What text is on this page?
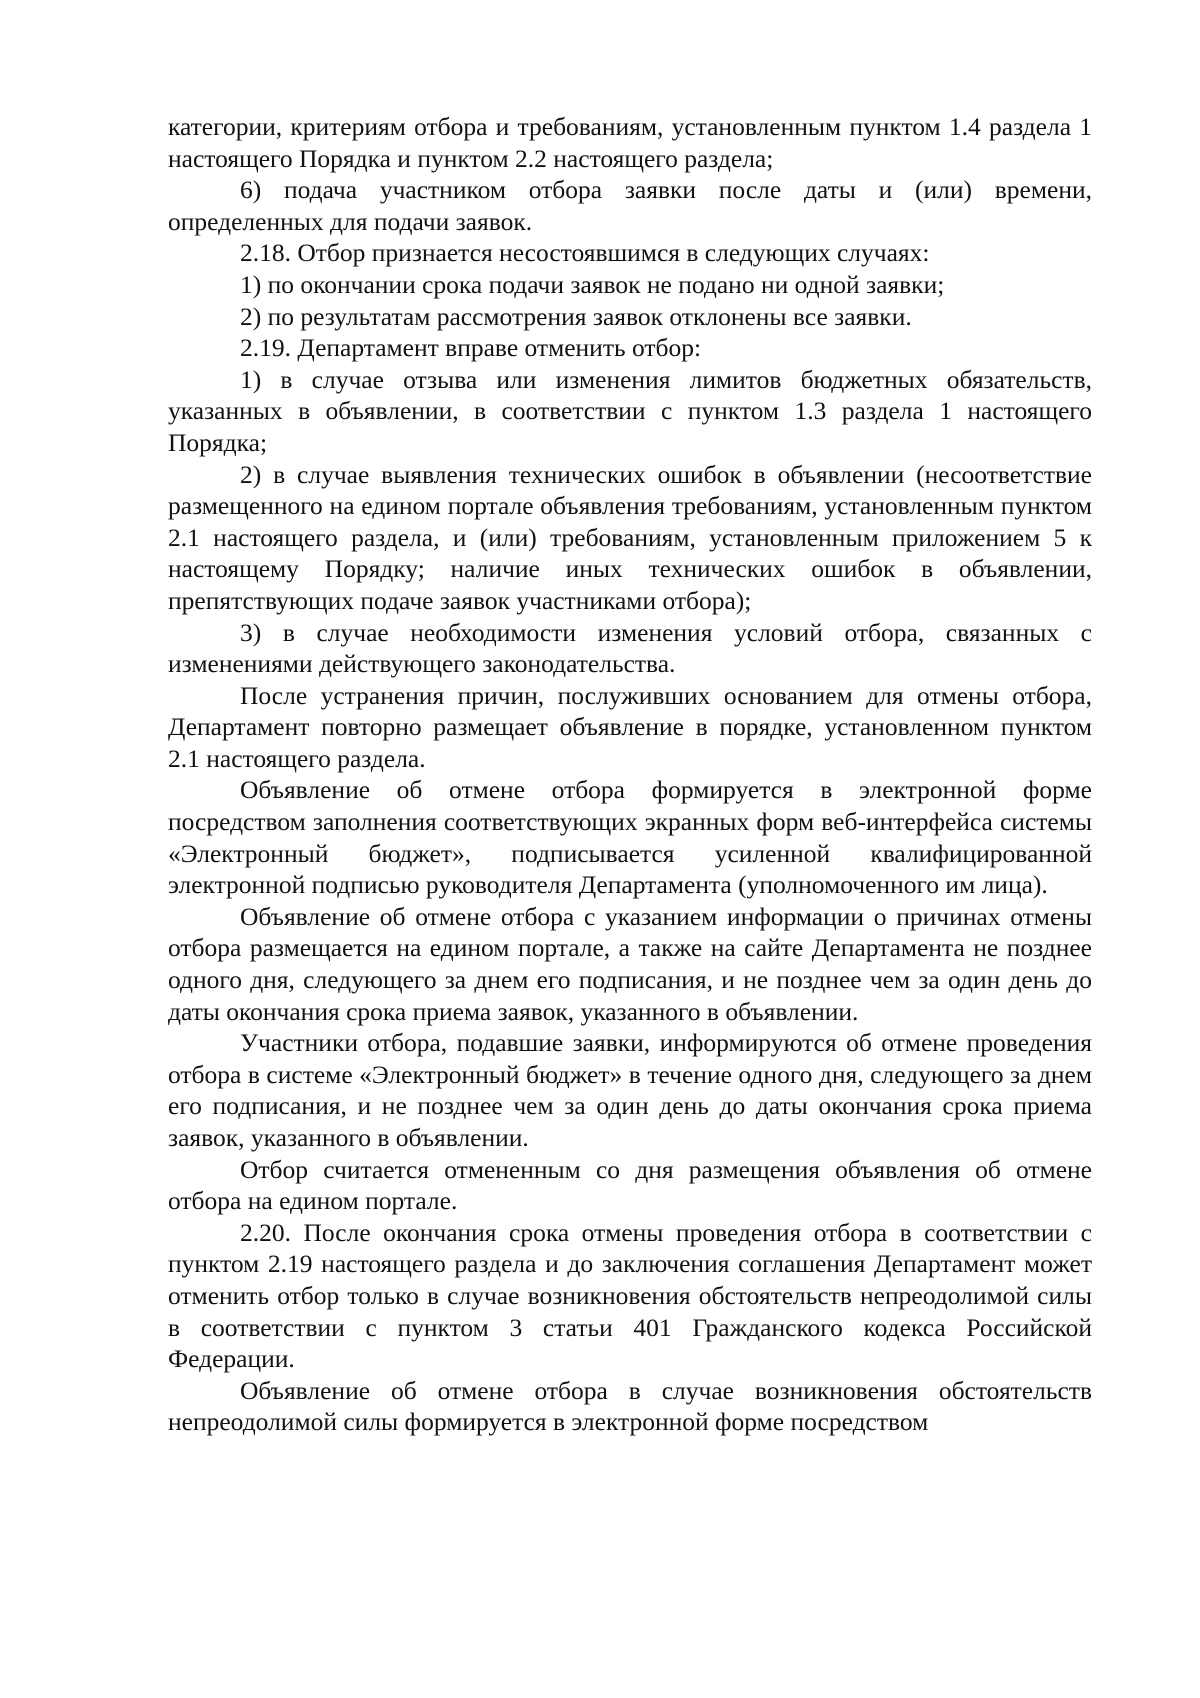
категории, критериям отбора и требованиям, установленным пунктом 1.4 раздела 1 настоящего Порядка и пунктом 2.2 настоящего раздела;

6) подача участником отбора заявки после даты и (или) времени, определенных для подачи заявок.

2.18. Отбор признается несостоявшимся в следующих случаях:

1) по окончании срока подачи заявок не подано ни одной заявки;

2) по результатам рассмотрения заявок отклонены все заявки.

2.19. Департамент вправе отменить отбор:

1) в случае отзыва или изменения лимитов бюджетных обязательств, указанных в объявлении, в соответствии с пунктом 1.3 раздела 1 настоящего Порядка;

2) в случае выявления технических ошибок в объявлении (несоответствие размещенного на едином портале объявления требованиям, установленным пунктом 2.1 настоящего раздела, и (или) требованиям, установленным приложением 5 к настоящему Порядку; наличие иных технических ошибок в объявлении, препятствующих подаче заявок участниками отбора);

3) в случае необходимости изменения условий отбора, связанных с изменениями действующего законодательства.

После устранения причин, послуживших основанием для отмены отбора, Департамент повторно размещает объявление в порядке, установленном пунктом 2.1 настоящего раздела.

Объявление об отмене отбора формируется в электронной форме посредством заполнения соответствующих экранных форм веб-интерфейса системы «Электронный бюджет», подписывается усиленной квалифицированной электронной подписью руководителя Департамента (уполномоченного им лица).

Объявление об отмене отбора с указанием информации о причинах отмены отбора размещается на едином портале, а также на сайте Департамента не позднее одного дня, следующего за днем его подписания, и не позднее чем за один день до даты окончания срока приема заявок, указанного в объявлении.

Участники отбора, подавшие заявки, информируются об отмене проведения отбора в системе «Электронный бюджет» в течение одного дня, следующего за днем его подписания, и не позднее чем за один день до даты окончания срока приема заявок, указанного в объявлении.

Отбор считается отмененным со дня размещения объявления об отмене отбора на едином портале.

2.20. После окончания срока отмены проведения отбора в соответствии с пунктом 2.19 настоящего раздела и до заключения соглашения Департамент может отменить отбор только в случае возникновения обстоятельств непреодолимой силы в соответствии с пунктом 3 статьи 401 Гражданского кодекса Российской Федерации.

Объявление об отмене отбора в случае возникновения обстоятельств непреодолимой силы формируется в электронной форме посредством
